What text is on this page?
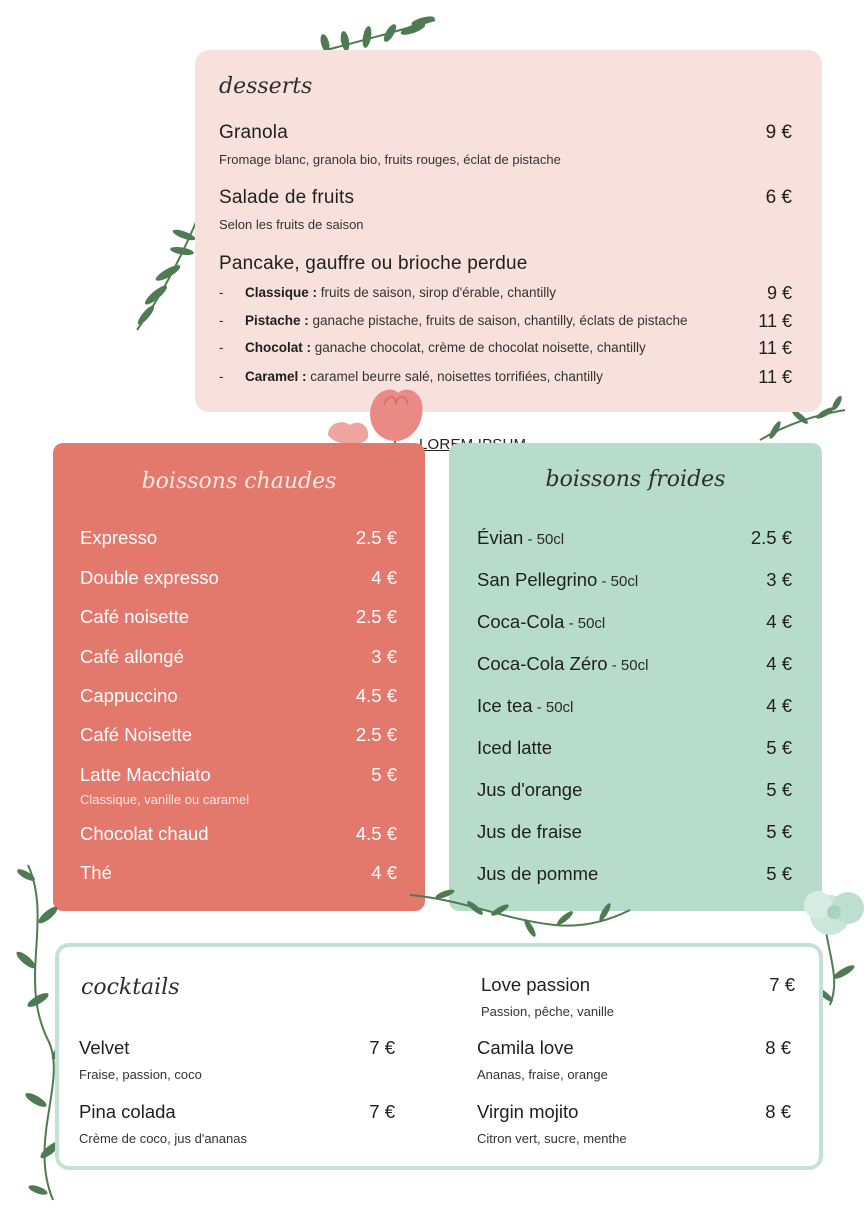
desserts
Granola	9 €
Fromage blanc, granola bio, fruits rouges, éclat de pistache
Salade de fruits	6 €
Selon les fruits de saison
Pancake, gauffre ou brioche perdue
- Classique : fruits de saison, sirop d'érable, chantilly	9 €
- Pistache : ganache pistache, fruits de saison, chantilly, éclats de pistache	11 €
- Chocolat : ganache chocolat, crème de chocolat noisette, chantilly	11 €
- Caramel : caramel beurre salé, noisettes torrifiées, chantilly	11 €
LOREM
boissons chaudes
Expresso	2.5 €
Double expresso	4 €
Café noisette	2.5 €
Café allongé	3 €
Cappuccino	4.5 €
Café Noisette	2.5 €
Latte Macchiato	5 €
Classique, vanille ou caramel
Chocolat chaud	4.5 €
Thé	4 €
boissons froides
Évian - 50cl	2.5 €
San Pellegrino - 50cl	3 €
Coca-Cola - 50cl	4 €
Coca-Cola Zéro - 50cl	4 €
Ice tea - 50cl	4 €
Iced latte	5 €
Jus d'orange	5 €
Jus de fraise	5 €
Jus de pomme	5 €
cocktails	Love passion	7 €
Passion, pêche, vanille
Velvet	7 €
Fraise, passion, coco
Camila love	8 €
Ananas, fraise, orange
Pina colada	7 €
Crème de coco, jus d'ananas
Virgin mojito	8 €
Citron vert, sucre, menthe
